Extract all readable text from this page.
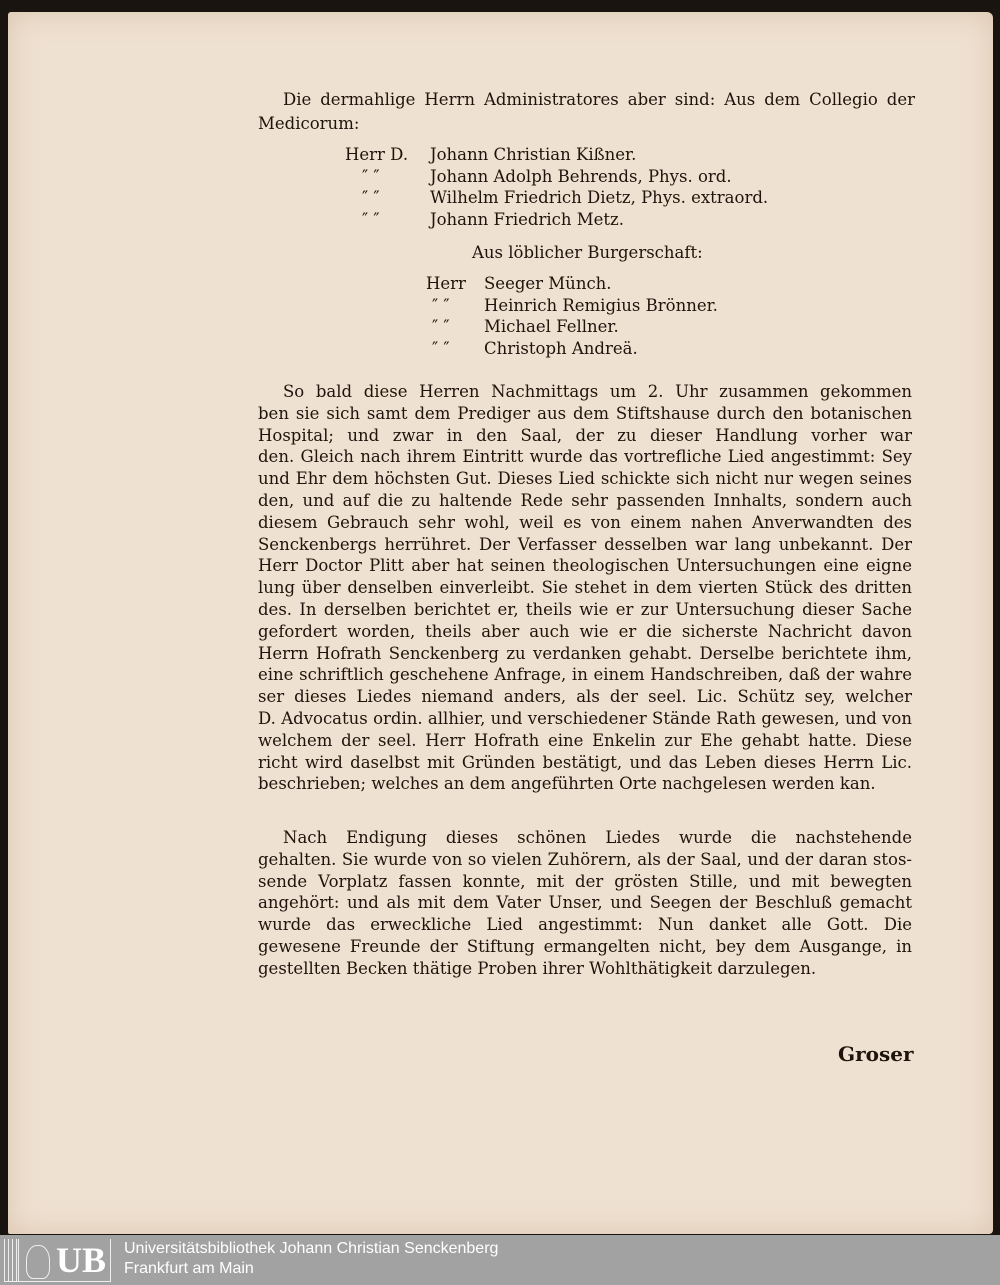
Die dermahlige Herrn Administratores aber sind: Aus dem Collegio der
Medicorum:
Herr D. Johann Christian Kißner.
″ ″	Johann Adolph Behrends, Phys. ord.
″ ″	Wilhelm Friedrich Dietz, Phys. extraord.
″ ″	Johann Friedrich Metz.
Aus löblicher Burgerschaft:
Herr Seeger Münch.
″ ″ Heinrich Remigius Brönner.
″ ″ Michael Fellner.
″ ″ Christoph Andreä.
So bald diese Herren Nachmittags um 2. Uhr zusammen gekommen
ben sie sich samt dem Prediger aus dem Stiftshause durch den botanischen
Hospital; und zwar in den Saal, der zu dieser Handlung vorher war
den. Gleich nach ihrem Eintritt wurde das vortrefliche Lied angestimmt: Sey
und Ehr dem höchsten Gut. Dieses Lied schickte sich nicht nur wegen seines
den, und auf die zu haltende Rede sehr passenden Innhalts, sondern auch
diesem Gebrauch sehr wohl, weil es von einem nahen Anverwandten des
Senckenbergs herrühret. Der Verfasser desselben war lang unbekannt. Der
Herr Doctor Plitt aber hat seinen theologischen Untersuchungen eine eigne
lung über denselben einverleibt. Sie stehet in dem vierten Stück des dritten
des. In derselben berichtet er, theils wie er zur Untersuchung dieser Sache
gefordert worden, theils aber auch wie er die sicherste Nachricht davon
Herrn Hofrath Senckenberg zu verdanken gehabt. Derselbe berichtete ihm,
eine schriftlich geschehene Anfrage, in einem Handschreiben, daß der wahre
ser dieses Liedes niemand anders, als der seel. Lic. Schütz sey, welcher
D. Advocatus ordin. allhier, und verschiedener Stände Rath gewesen, und von
welchem der seel. Herr Hofrath eine Enkelin zur Ehe gehabt hatte. Diese
richt wird daselbst mit Gründen bestätigt, und das Leben dieses Herrn Lic.
beschrieben; welches an dem angeführten Orte nachgelesen werden kan.
Nach Endigung dieses schönen Liedes wurde die nachstehende
gehalten. Sie wurde von so vielen Zuhörern, als der Saal, und der daran stos-
sende Vorplatz fassen konnte, mit der grösten Stille, und mit bewegten
angehört: und als mit dem Vater Unser, und Seegen der Beschluß gemacht
wurde das erweckliche Lied angestimmt: Nun danket alle Gott. Die
gewesene Freunde der Stiftung ermangelten nicht, bey dem Ausgange, in
gestellten Becken thätige Proben ihrer Wohlthätigkeit darzulegen.
Groser
UB Universitätsbibliothek Johann Christian Senckenberg
Frankfurt am Main
